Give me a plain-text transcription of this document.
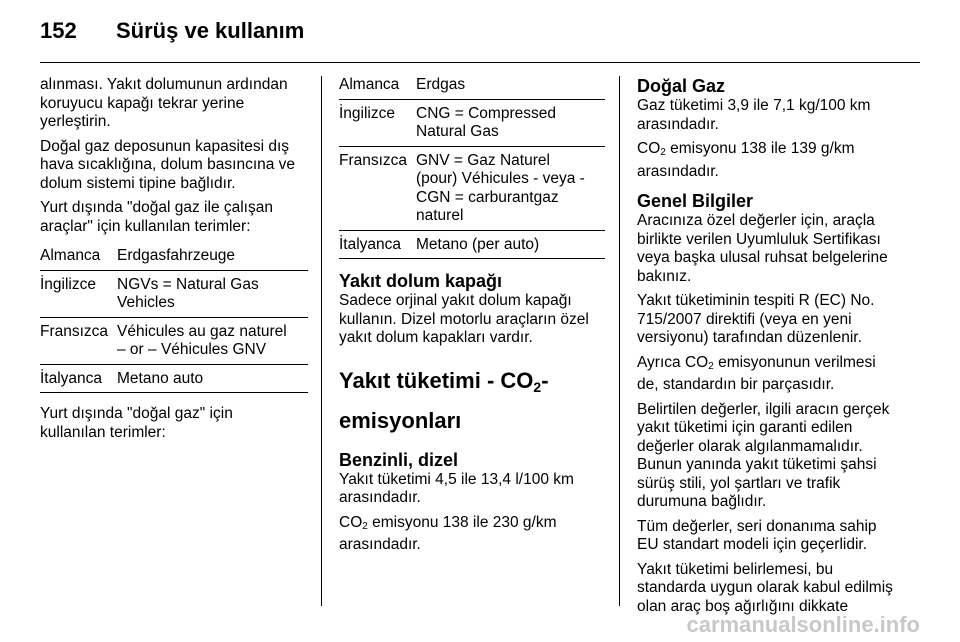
152 Sürüş ve kullanım

alınması. Yakıt dolumunun ardından
koruyucu kapağı tekrar yerine
yerleştirin.

Doğal gaz deposunun kapasitesi dış
hava sıcaklığına, dolum basıncına ve
dolum sistemi tipine bağlıdır.

Yurt dışında "doğal gaz ile çalışan
araçlar" için kullanılan terimler:

Almanca	Erdgasfahrzeuge
İngilizce	NGVs = Natural Gas
Vehicles
Fransızca Véhicules au gaz naturel
– or – Véhicules GNV
İtalyanca Metano auto

Yurt dışında "doğal gaz" için
kullanılan terimler:

Almanca	Erdgas
İngilizce	CNG = Compressed
Natural Gas
Fransızca GNV = Gaz Naturel
(pour) Véhicules - veya -
CGN = carburantgaz
naturel
İtalyanca Metano (per auto)
Yakıt dolum kapağı

Sadece orjinal yakıt dolum kapağı
kullanın. Dizel motorlu araçların özel
yakıt dolum kapakları vardır.

Yakıt tüketimi - CO2-
emisyonları
Benzinli, dizel

Yakıt tüketimi 4,5 ile 13,4 l/100 km
arasındadır.

$CO_2$ emisyonu 138 ile 230 g/km
arasındadır.

Doğal Gaz

Gaz tüketimi 3,9 ile 7,1 kg/100 km
arasındadır.

$CO_2$ emisyonu 138 ile 139 g/km
arasındadır.

Genel Bilgiler

Aracınıza özel değerler için, araçla
birlikte verilen Uyumluluk Sertifikası
veya başka ulusal ruhsat belgelerine
bakınız.

Yakıt tüketiminin tespiti R (EC) No.
715/2007 direktifi (veya en yeni
versiyonu) tarafından düzenlenir.

Ayrıca $CO_2$ emisyonunun verilmesi
de, standardın bir parçasıdır.

Belirtilen değerler, ilgili aracın gerçek
yakıt tüketimi için garanti edilen
değerler olarak algılanmamalıdır.
Bunun yanında yakıt tüketimi şahsi
sürüş stili, yol şartları ve trafik
durumuna bağlıdır.

Tüm değerler, seri donanıma sahip
EU standart modeli için geçerlidir.

Yakıt tüketimi belirlemesi, bu
standarda uygun olarak kabul edilmiş
olan araç boş ağırlığını dikkate

carmanualsonline.info
